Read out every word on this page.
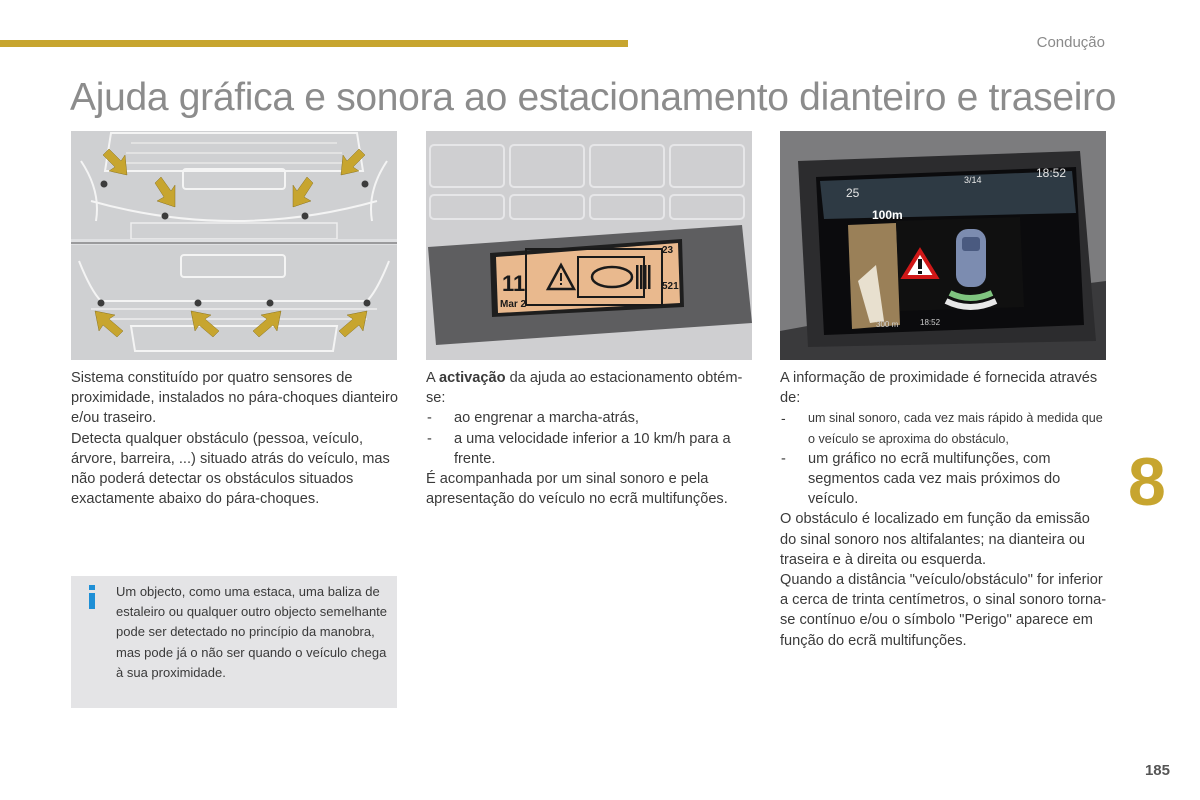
Condução
Ajuda gráfica e sonora ao estacionamento dianteiro e traseiro
11
Mar 2
23
521
25
3/14	18:52
100m
300 m	18:52

Sistema constituído por quatro sensores de proximidade, instalados no pára-choques dianteiro e/ou traseiro.

Detecta qualquer obstáculo (pessoa, veículo, árvore, barreira, ...) situado atrás do veículo, mas não poderá detectar os obstáculos situados exactamente abaixo do pára-choques.

Um objecto, como uma estaca, uma baliza de estaleiro ou qualquer outro objecto semelhante pode ser detectado no princípio da manobra, mas pode já o não ser quando o veículo chega à sua proximidade.

A activação da ajuda ao estacionamento obtém-se:

- ao engrenar a marcha-atrás,
- a uma velocidade inferior a 10 km/h para a frente.

É acompanhada por um sinal sonoro e pela apresentação do veículo no ecrã multifunções.

A informação de proximidade é fornecida através de:

- um sinal sonoro, cada vez mais rápido à medida que o veículo se aproxima do obstáculo,
- um gráfico no ecrã multifunções, com segmentos cada vez mais próximos do veículo.

O obstáculo é localizado em função da emissão do sinal sonoro nos altifalantes; na dianteira ou traseira e à direita ou esquerda.

Quando a distância "veículo/obstáculo" for inferior a cerca de trinta centímetros, o sinal sonoro torna-se contínuo e/ou o símbolo "Perigo" aparece em função do ecrã multifunções.

8
185
